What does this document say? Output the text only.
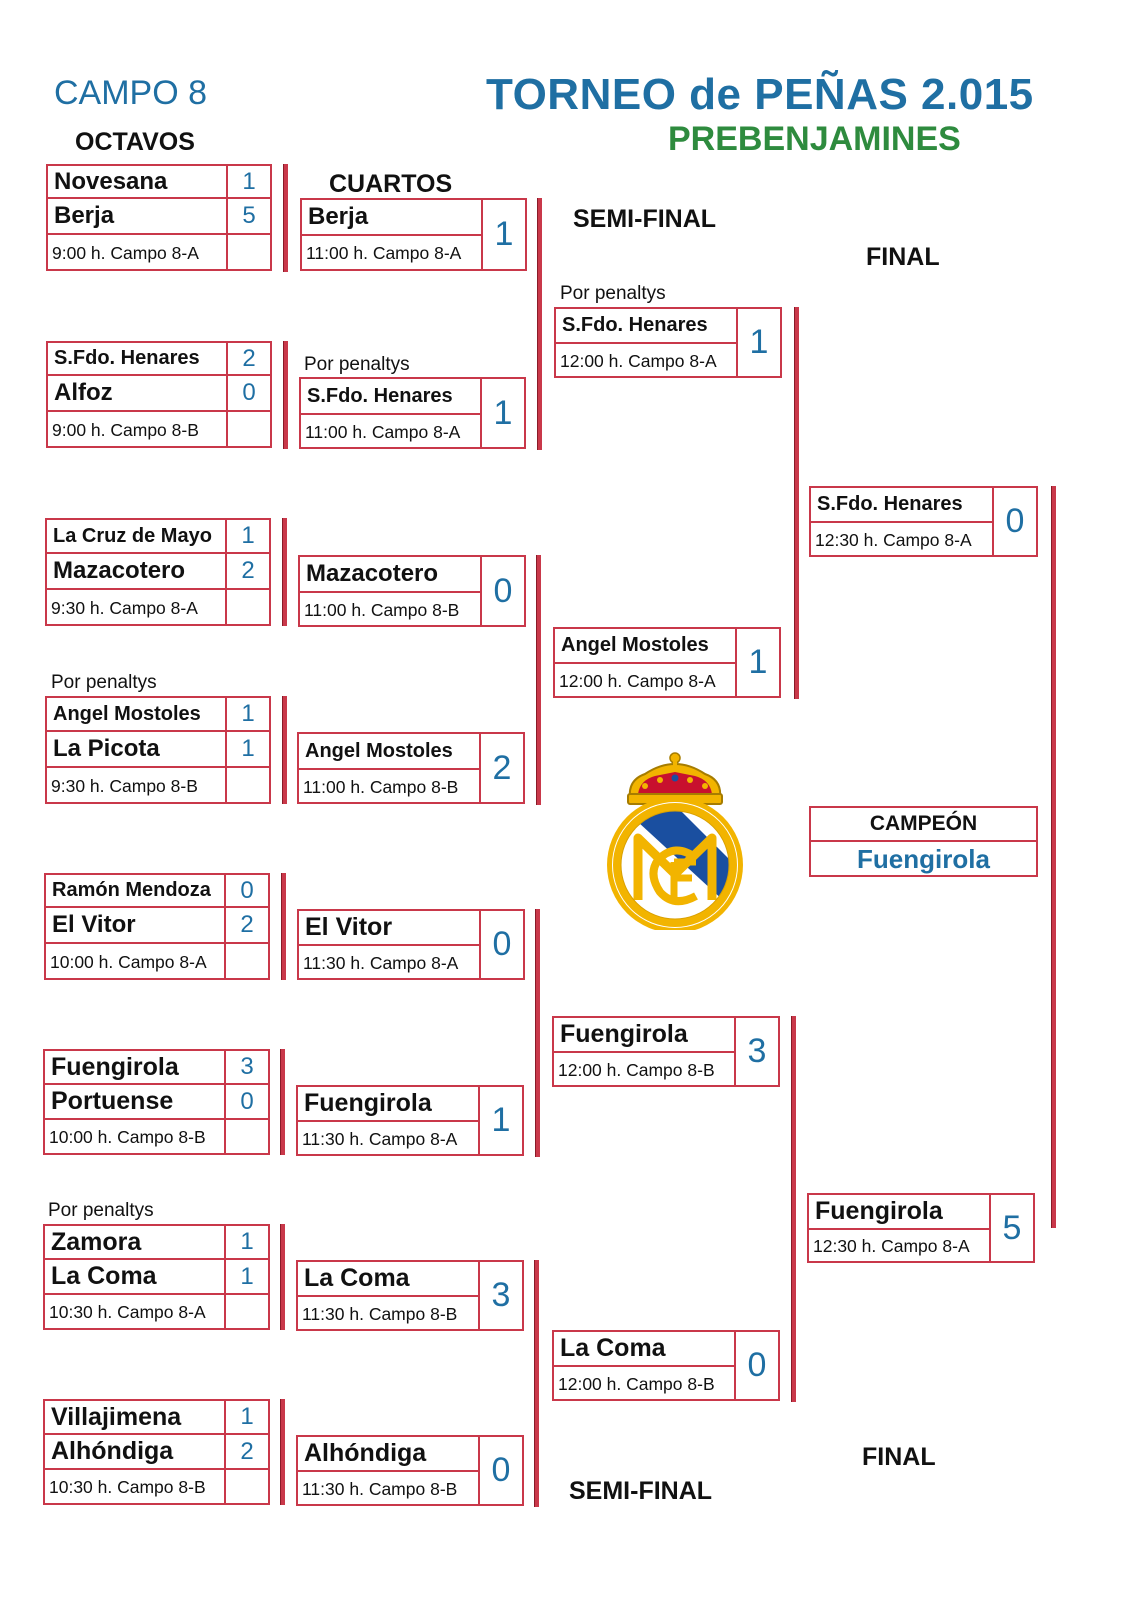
CAMPO 8	TORNEO de PEÑAS 2.015
PREBENJAMINES
OCTAVOS
CUARTOS
SEMI-FINAL
FINAL
FINAL
SEMI-FINAL
Por penaltys
Por penaltys
Por penaltys
Por penaltys
Novesana	1
Berja	5
9:00 h. Campo 8-A
S.Fdo. Henares	2
Alfoz	0
9:00 h. Campo 8-B
La Cruz de Mayo	1
Mazacotero	2
9:30 h. Campo 8-A
Angel Mostoles	1
La Picota	1
9:30 h. Campo 8-B
Ramón Mendoza	0
El Vitor	2
10:00 h. Campo 8-A
Fuengirola	3
Portuense	0
10:00 h. Campo 8-B
Zamora	1
La Coma	1
10:30 h. Campo 8-A
Villajimena	1
Alhóndiga	2
10:30 h. Campo 8-B
Berja
11:00 h. Campo 8-A 1
S.Fdo. Henares
11:00 h. Campo 8-A 1
Mazacotero
11:00 h. Campo 8-B	0
Angel Mostoles
11:00 h. Campo 8-B	2
El Vitor
11:30 h. Campo 8-A	0
Fuengirola
11:30 h. Campo 8-A	1
La Coma
11:30 h. Campo 8-B	3
Alhóndiga
11:30 h. Campo 8-B	0
S.Fdo. Henares
12:00 h. Campo 8-A 1
Angel Mostoles
12:00 h. Campo 8-A 1
Fuengirola
12:00 h. Campo 8-B 3
La Coma
12:00 h. Campo 8-B 0
S.Fdo. Henares
12:30 h. Campo 8-A 0
Fuengirola
12:30 h. Campo 8-A 5
CAMPEÓN
Fuengirola
